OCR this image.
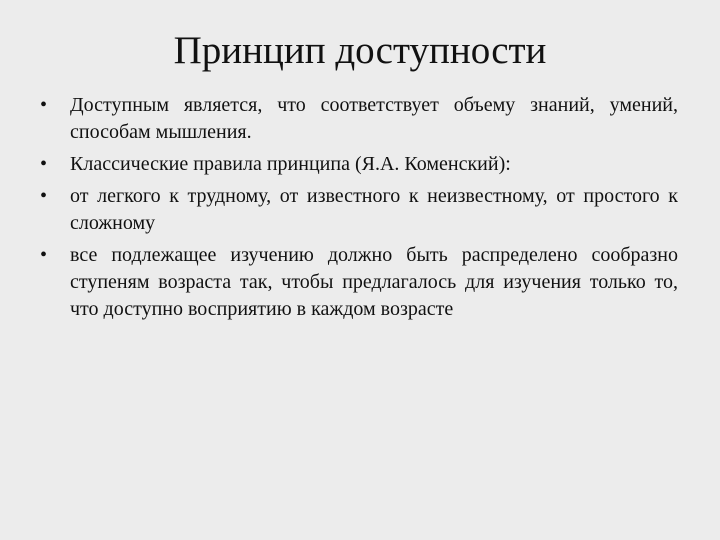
Принцип доступности
• Доступным является, что соответствует объему знаний, умений, способам мышления.
• Классические правила принципа (Я.А. Коменский):
• от легкого к трудному, от известного к неизвестному, от простого к сложному
• все подлежащее изучению должно быть распределено сообразно ступеням возраста так, чтобы предлагалось для изучения только то, что доступно восприятию в каждом возрасте
